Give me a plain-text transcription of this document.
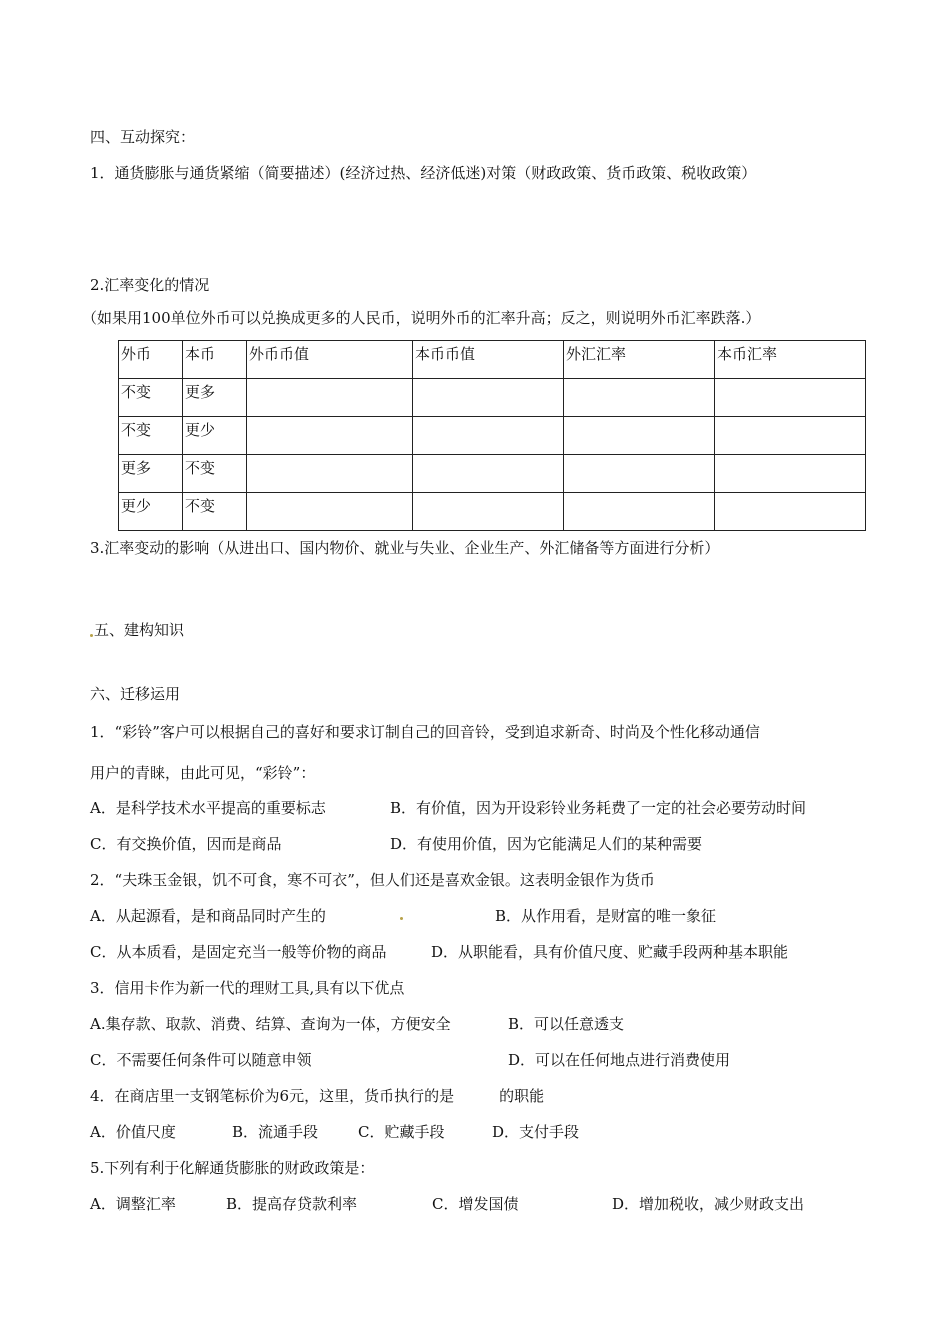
四、互动探究：
1．通货膨胀与通货紧缩（简要描述）(经济过热、经济低迷)对策（财政政策、货币政策、税收政策）
2.汇率变化的情况
（如果用100单位外币可以兑换成更多的人民币，说明外币的汇率升高；反之，则说明外币汇率跌落.）
外币	本币	外币币值	本币币值	外汇汇率	本币汇率
不变	更多				
不变	更少				
更多	不变				
更少	不变				
3.汇率变动的影响（从进出口、国内物价、就业与失业、企业生产、外汇储备等方面进行分析）
五、建构知识
六、迁移运用
1．“彩铃”客户可以根据自己的喜好和要求订制自己的回音铃，受到追求新奇、时尚及个性化移动通信
用户的青睐，由此可见，“彩铃”：
A．是科学技术水平提高的重要标志	B．有价值，因为开设彩铃业务耗费了一定的社会必要劳动时间
C．有交换价值，因而是商品	D．有使用价值，因为它能满足人们的某种需要
2．“夫珠玉金银，饥不可食，寒不可衣”，但人们还是喜欢金银。这表明金银作为货币
A．从起源看，是和商品同时产生的	B．从作用看，是财富的唯一象征
C．从本质看，是固定充当一般等价物的商品	D．从职能看，具有价值尺度、贮藏手段两种基本职能
3．信用卡作为新一代的理财工具,具有以下优点
A.集存款、取款、消费、结算、查询为一体，方便安全	B．可以任意透支
C．不需要任何条件可以随意申领	D．可以在任何地点进行消费使用
4．在商店里一支钢笔标价为6元，这里，货币执行的是　　　的职能
A．价值尺度	B．流通手段	C．贮藏手段	D．支付手段
5.下列有利于化解通货膨胀的财政政策是：
A．调整汇率	B．提高存贷款利率	C．增发国债	D．增加税收，减少财政支出
